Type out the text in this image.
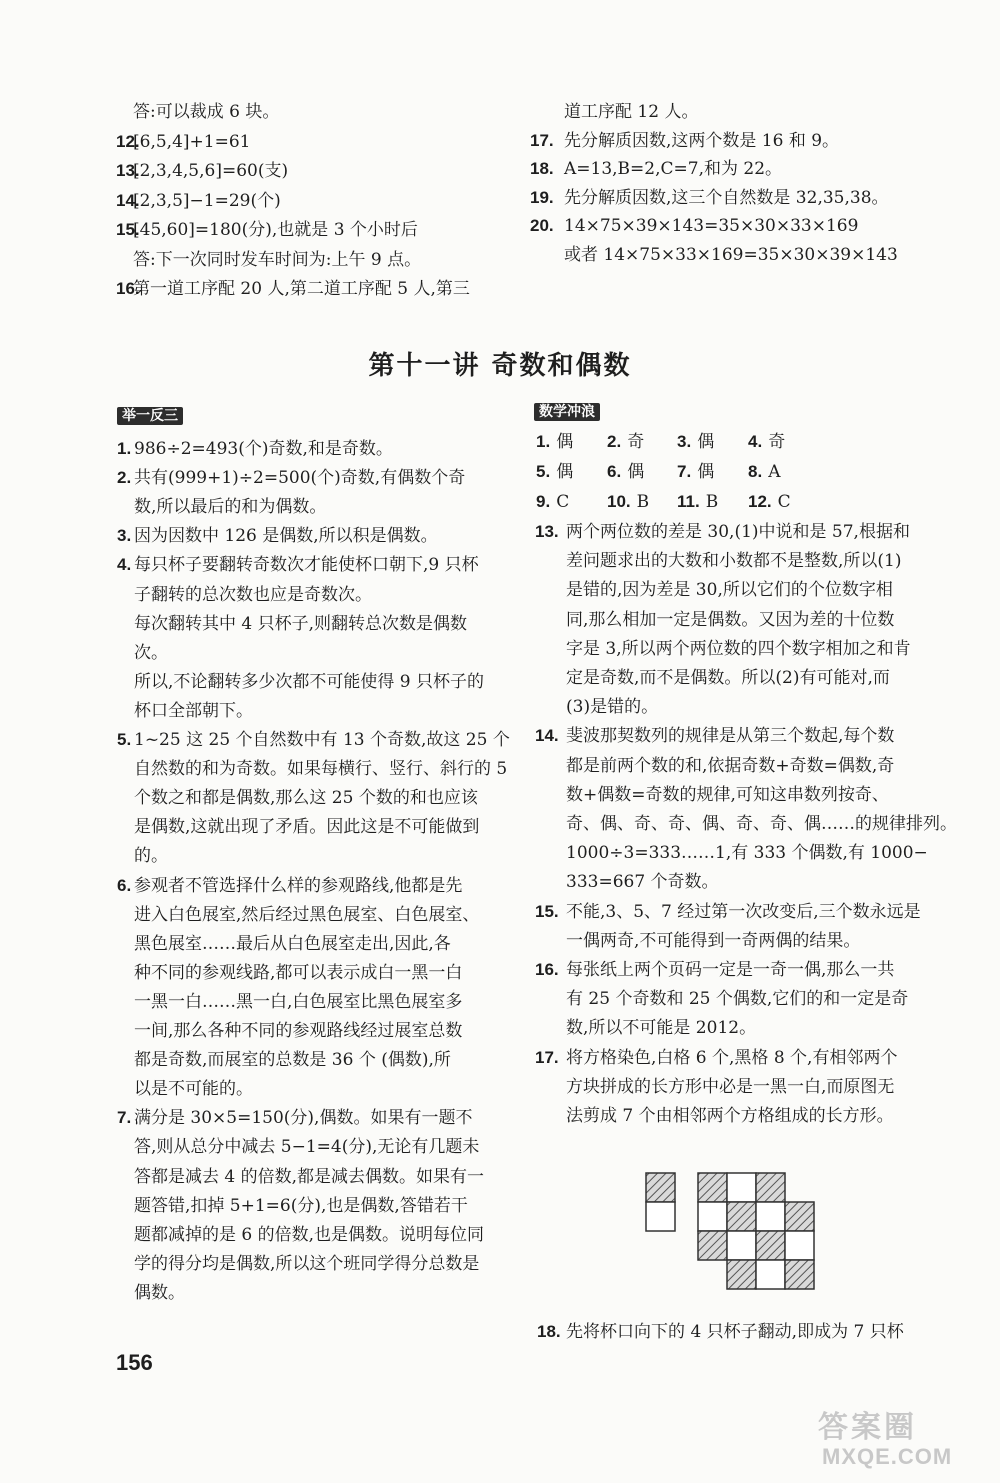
答:可以裁成 6 块。
12.
[6,5,4]+1=61
13.
[2,3,4,5,6]=60(支)
14.
[2,3,5]−1=29(个)
15.
[45,60]=180(分),也就是 3 个小时后
答:下一次同时发车时间为:上午 9 点。
16.
第一道工序配 20 人,第二道工序配 5 人,第三
道工序配 12 人。
17. 先分解质因数,这两个数是 16 和 9。
18. A=13,B=2,C=7,和为 22。
19. 先分解质因数,这三个自然数是 32,35,38。
20. 14×75×39×143=35×30×33×169
或者 14×75×33×169=35×30×39×143
第十一讲 奇数和偶数
举一反三	数学冲浪
1. 986÷2=493(个)奇数,和是奇数。
2. 共有(999+1)÷2=500(个)奇数,有偶数个奇
数,所以最后的和为偶数。
3. 因为因数中 126 是偶数,所以积是偶数。
4. 每只杯子要翻转奇数次才能使杯口朝下,9 只杯
子翻转的总次数也应是奇数次。
每次翻转其中 4 只杯子,则翻转总次数是偶数
次。
所以,不论翻转多少次都不可能使得 9 只杯子的
杯口全部朝下。
5. 1~25 这 25 个自然数中有 13 个奇数,故这 25 个
自然数的和为奇数。如果每横行、竖行、斜行的 5
个数之和都是偶数,那么这 25 个数的和也应该
是偶数,这就出现了矛盾。因此这是不可能做到
的。
6. 参观者不管选择什么样的参观路线,他都是先
进入白色展室,然后经过黑色展室、白色展室、
黑色展室……最后从白色展室走出,因此,各
种不同的参观线路,都可以表示成白一黑一白
一黑一白……黑一白,白色展室比黑色展室多
一间,那么各种不同的参观路线经过展室总数
都是奇数,而展室的总数是 36 个 (偶数),所
以是不可能的。
7. 满分是 30×5=150(分),偶数。如果有一题不
答,则从总分中减去 5−1=4(分),无论有几题未
答都是减去 4 的倍数,都是减去偶数。如果有一
题答错,扣掉 5+1=6(分),也是偶数,答错若干
题都减掉的是 6 的倍数,也是偶数。说明每位同
学的得分均是偶数,所以这个班同学得分总数是
偶数。
1. 偶 2. 奇 3. 偶 4. 奇
5. 偶 6. 偶 7. 偶 8. A
9. C 10. B 11. B 12. C
13. 两个两位数的差是 30,(1)中说和是 57,根据和
差问题求出的大数和小数都不是整数,所以(1)
是错的,因为差是 30,所以它们的个位数字相
同,那么相加一定是偶数。又因为差的十位数
字是 3,所以两个两位数的四个数字相加之和肯
定是奇数,而不是偶数。所以(2)有可能对,而
(3)是错的。
14. 斐波那契数列的规律是从第三个数起,每个数
都是前两个数的和,依据奇数+奇数=偶数,奇
数+偶数=奇数的规律,可知这串数列按奇、
奇、偶、奇、奇、偶、奇、奇、偶……的规律排列。
1000÷3=333……1,有 333 个偶数,有 1000−
333=667 个奇数。
15. 不能,3、5、7 经过第一次改变后,三个数永远是
一偶两奇,不可能得到一奇两偶的结果。
16. 每张纸上两个页码一定是一奇一偶,那么一共
有 25 个奇数和 25 个偶数,它们的和一定是奇
数,所以不可能是 2012。
17. 将方格染色,白格 6 个,黑格 8 个,有相邻两个
方块拼成的长方形中必是一黑一白,而原图无
法剪成 7 个由相邻两个方格组成的长方形。
18. 先将杯口向下的 4 只杯子翻动,即成为 7 只杯
156
答案圈
MXQE.COM
